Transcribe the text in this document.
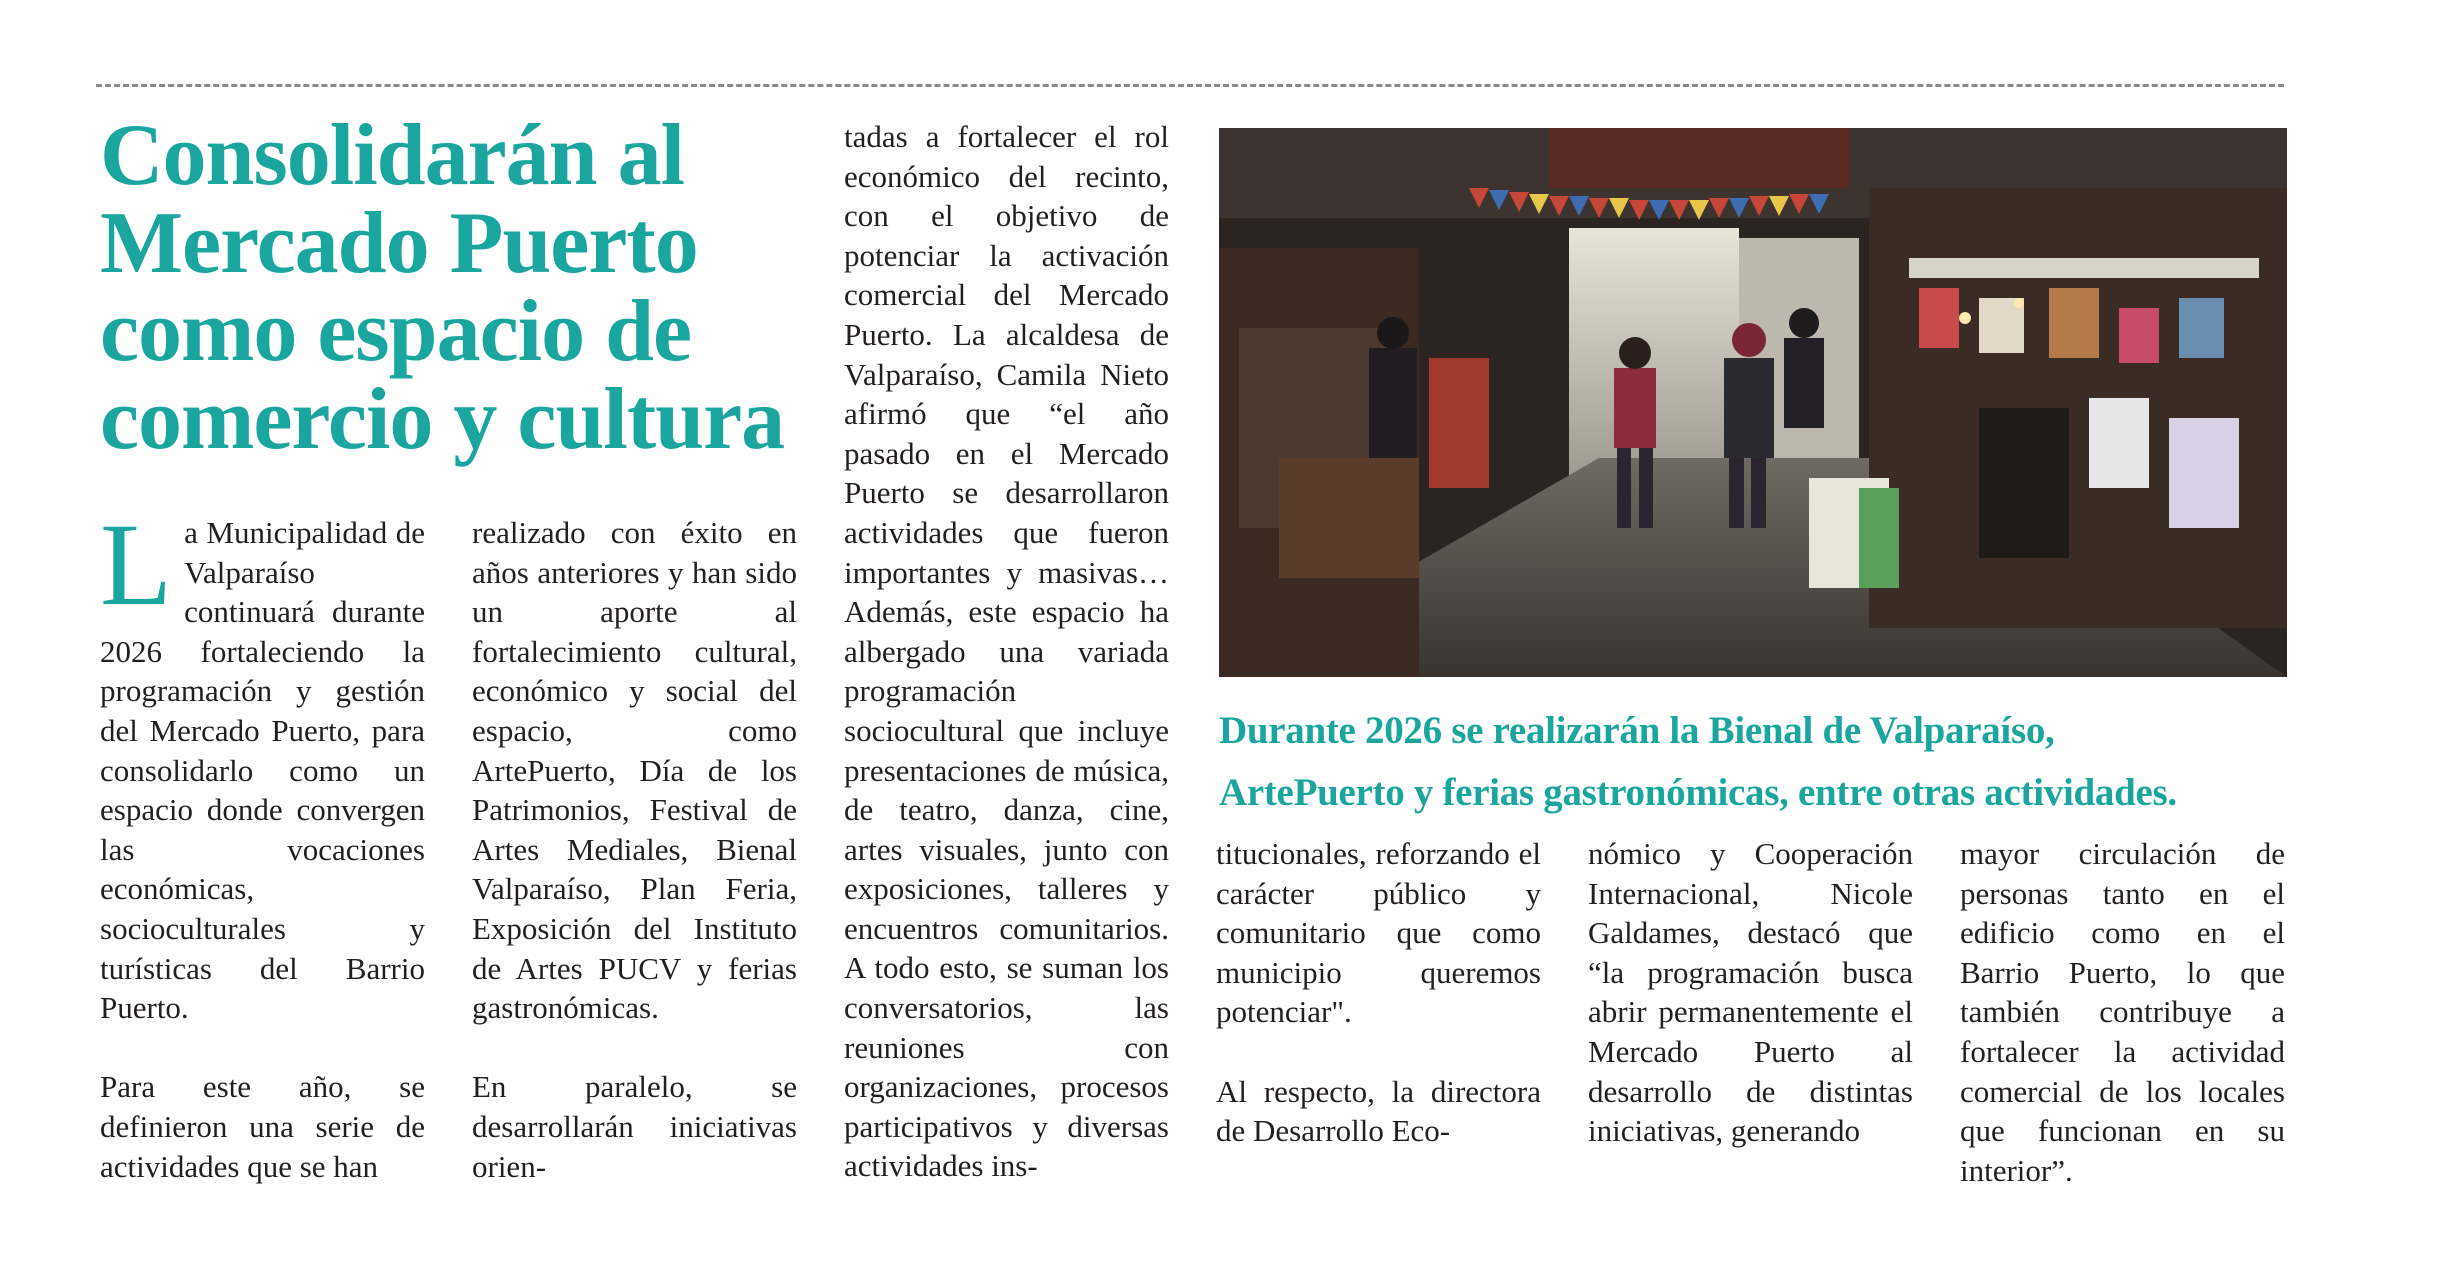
Consolidarán al
Mercado Puerto
como espacio de
comercio y cultura

La Municipalidad de Valparaíso continuará durante 2026 fortaleciendo la programación y gestión del Mercado Puerto, para consolidarlo como un espacio donde convergen las vocaciones económicas, socioculturales y turísticas del Barrio Puerto.

Para este año, se definieron una serie de actividades que se han

realizado con éxito en años anteriores y han sido un aporte al fortalecimiento cultural, económico y social del espacio, como ArtePuerto, Día de los Patrimonios, Festival de Artes Mediales, Bienal Valparaíso, Plan Feria, Exposición del Instituto de Artes PUCV y ferias gastronómicas.

En paralelo, se desarrollarán iniciativas orien-

tadas a fortalecer el rol económico del recinto, con el objetivo de potenciar la activación comercial del Mercado Puerto. La alcaldesa de Valparaíso, Camila Nieto afirmó que “el año pasado en el Mercado Puerto se desarrollaron actividades que fueron importantes y masivas… Además, este espacio ha albergado una variada programación sociocultural que incluye presentaciones de música, de teatro, danza, cine, artes visuales, junto con exposiciones, talleres y encuentros comunitarios. A todo esto, se suman los conversatorios, las reuniones con organizaciones, procesos participativos y diversas actividades ins-

Durante 2026 se realizarán la Bienal de Valparaíso,
ArtePuerto y ferias gastronómicas, entre otras actividades.

titucionales, reforzando el carácter público y comunitario que como municipio queremos potenciar".

Al respecto, la directora de Desarrollo Eco-

nómico y Cooperación Internacional, Nicole Galdames, destacó que “la programación busca abrir permanentemente el Mercado Puerto al desarrollo de distintas iniciativas, generando

mayor circulación de personas tanto en el edificio como en el Barrio Puerto, lo que también contribuye a fortalecer la actividad comercial de los locales que funcionan en su interior”.
